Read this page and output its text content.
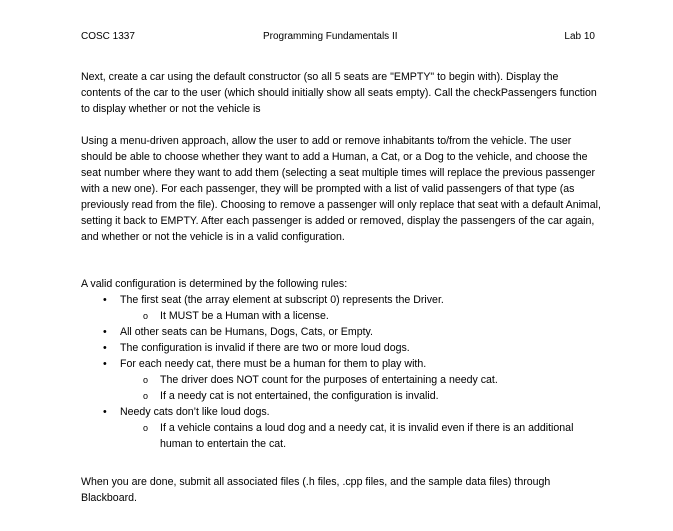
COSC 1337	Programming Fundamentals II	Lab 10

Next, create a car using the default constructor (so all 5 seats are "EMPTY" to begin with). Display the contents of the car to the user (which should initially show all seats empty). Call the checkPassengers function to display whether or not the vehicle is

Using a menu-driven approach, allow the user to add or remove inhabitants to/from the vehicle. The user should be able to choose whether they want to add a Human, a Cat, or a Dog to the vehicle, and choose the seat number where they want to add them (selecting a seat multiple times will replace the previous passenger with a new one). For each passenger, they will be prompted with a list of valid passengers of that type (as previously read from the file). Choosing to remove a passenger will only replace that seat with a default Animal, setting it back to EMPTY. After each passenger is added or removed, display the passengers of the car again, and whether or not the vehicle is in a valid configuration.

A valid configuration is determined by the following rules:

• The first seat (the array element at subscript 0) represents the Driver.
o It MUST be a Human with a license.
• All other seats can be Humans, Dogs, Cats, or Empty.
• The configuration is invalid if there are two or more loud dogs.
• For each needy cat, there must be a human for them to play with.
o The driver does NOT count for the purposes of entertaining a needy cat.
o If a needy cat is not entertained, the configuration is invalid.
• Needy cats don’t like loud dogs.
o If a vehicle contains a loud dog and a needy cat, it is invalid even if there is an additional human to entertain the cat.

When you are done, submit all associated files (.h files, .cpp files, and the sample data files) through Blackboard.
